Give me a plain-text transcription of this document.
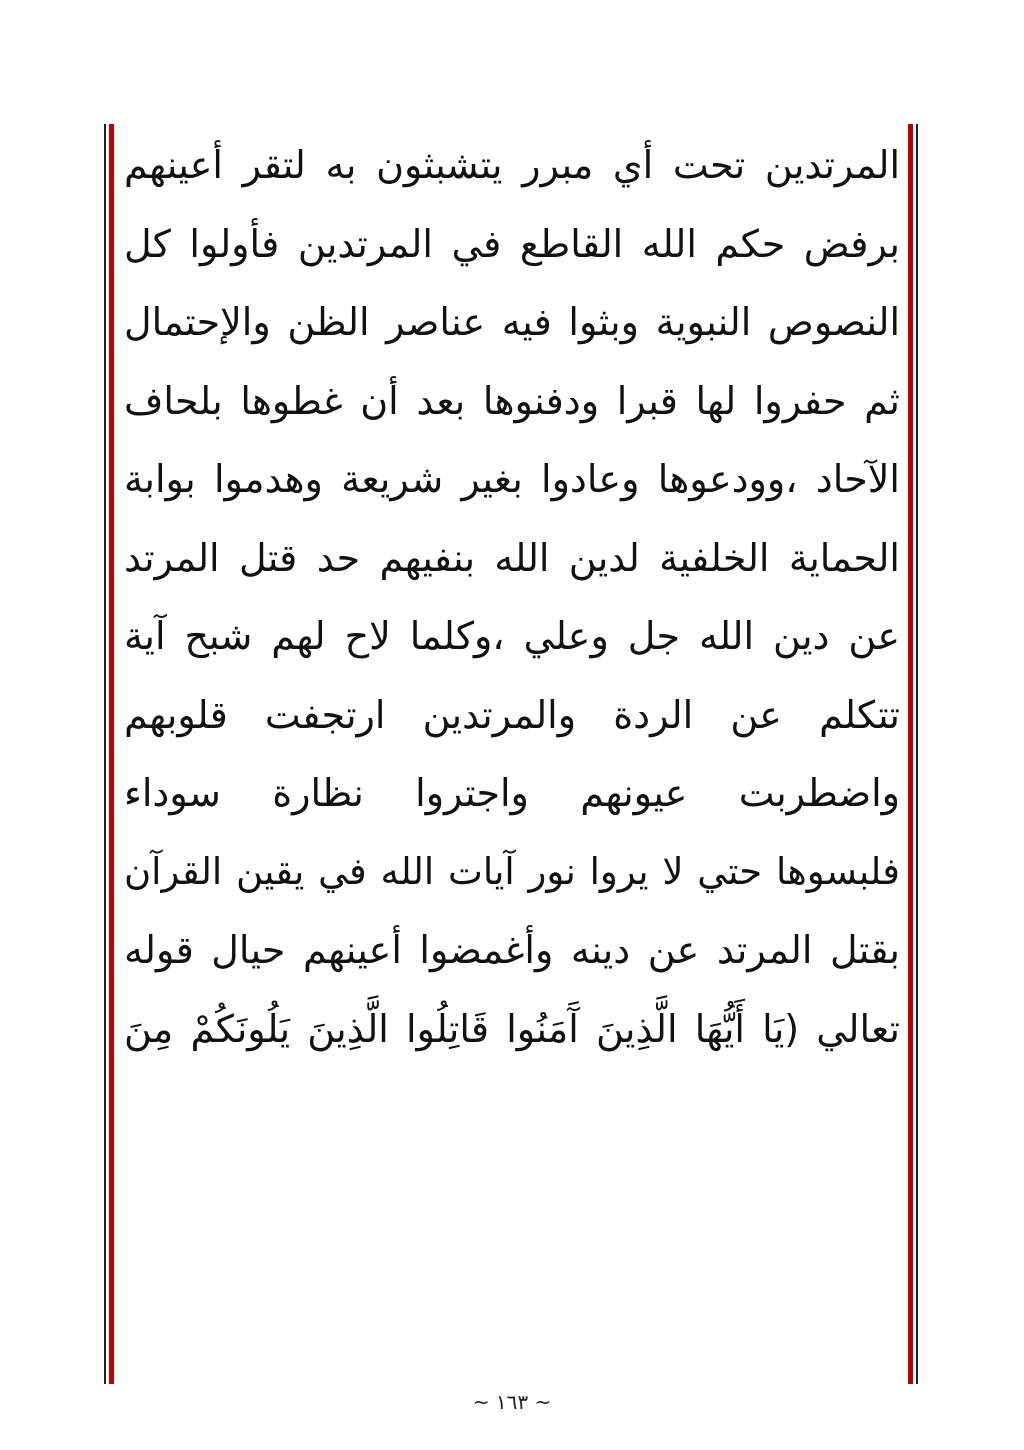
المرتدين تحت أي مبرر يتشبثون به لتقر أعينهم
برفض حكم الله القاطع في المرتدين فأولوا كل
النصوص النبوية وبثوا فيه عناصر الظن والإحتمال
ثم حفروا لها قبرا ودفنوها بعد أن غطوها بلحاف
الآحاد ،وودعوها وعادوا بغير شريعة وهدموا بوابة
الحماية الخلفية لدين الله بنفيهم حد قتل المرتد
عن دين الله جل وعلي ،وكلما لاح لهم شبح آية
تتكلم عن الردة والمرتدين ارتجفت قلوبهم
واضطربت عيونهم واجتروا نظارة سوداء
فلبسوها حتي لا يروا نور آيات الله في يقين القرآن
بقتل المرتد عن دينه وأغمضوا أعينهم حيال قوله
تعالي (يَا أَيُّهَا الَّذِينَ آَمَنُوا قَاتِلُوا الَّذِينَ يَلُونَكُمْ مِنَ
~ ١٦٣ ~
